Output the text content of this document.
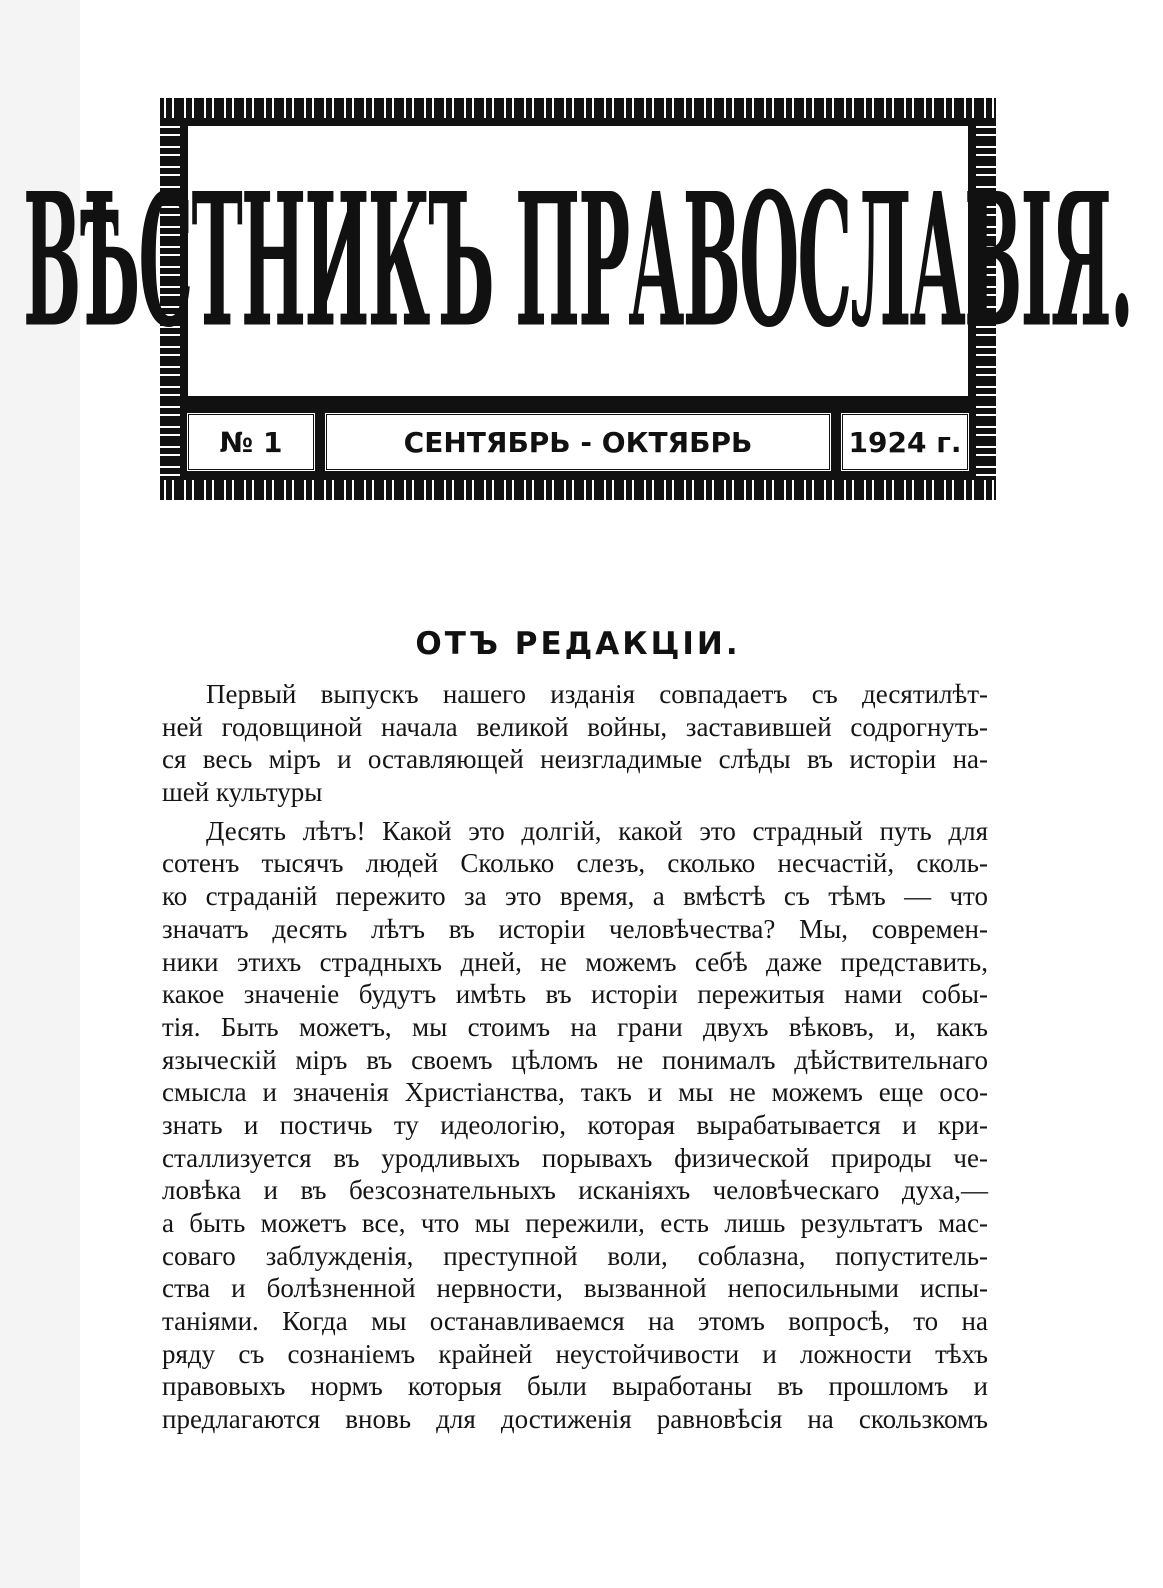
ВѢСТНИКЪ ПРАВОСЛАВІЯ.
№ 1	СЕНТЯБРЬ - ОКТЯБРЬ	1924 г.
ОТЪ РЕДАКЦІИ.
Первый выпускъ нашего изданія совпадаетъ съ десятилѣт-
ней годовщиной начала великой войны, заставившей содрогнуть-
ся весь міръ и оставляющей неизгладимые слѣды въ исторіи на-
шей культуры
Десять лѣтъ! Какой это долгій, какой это страдный путь для
сотенъ тысячъ людей Сколько слезъ, сколько несчастій, сколь-
ко страданій пережито за это время, а вмѣстѣ съ тѣмъ — что
значатъ десять лѣтъ въ исторіи человѣчества? Мы, современ-
ники этихъ страдныхъ дней, не можемъ себѣ даже представить,
какое значеніе будутъ имѣть въ исторіи пережитыя нами собы-
тія. Быть можетъ, мы стоимъ на грани двухъ вѣковъ, и, какъ
языческій міръ въ своемъ цѣломъ не понималъ дѣйствительнаго
смысла и значенія Христіанства, такъ и мы не можемъ еще осо-
знать и постичь ту идеологію, которая вырабатывается и кри-
сталлизуется въ уродливыхъ порывахъ физической природы че-
ловѣка и въ безсознательныхъ исканіяхъ человѣческаго духа,—
а быть можетъ все, что мы пережили, есть лишь результатъ мас-
соваго заблужденія, преступной воли, соблазна, попуститель-
ства и болѣзненной нервности, вызванной непосильными испы-
таніями. Когда мы останавливаемся на этомъ вопросѣ, то на
ряду съ сознаніемъ крайней неустойчивости и ложности тѣхъ
правовыхъ нормъ которыя были выработаны въ прошломъ и
предлагаются вновь для достиженія равновѣсія на скользкомъ
